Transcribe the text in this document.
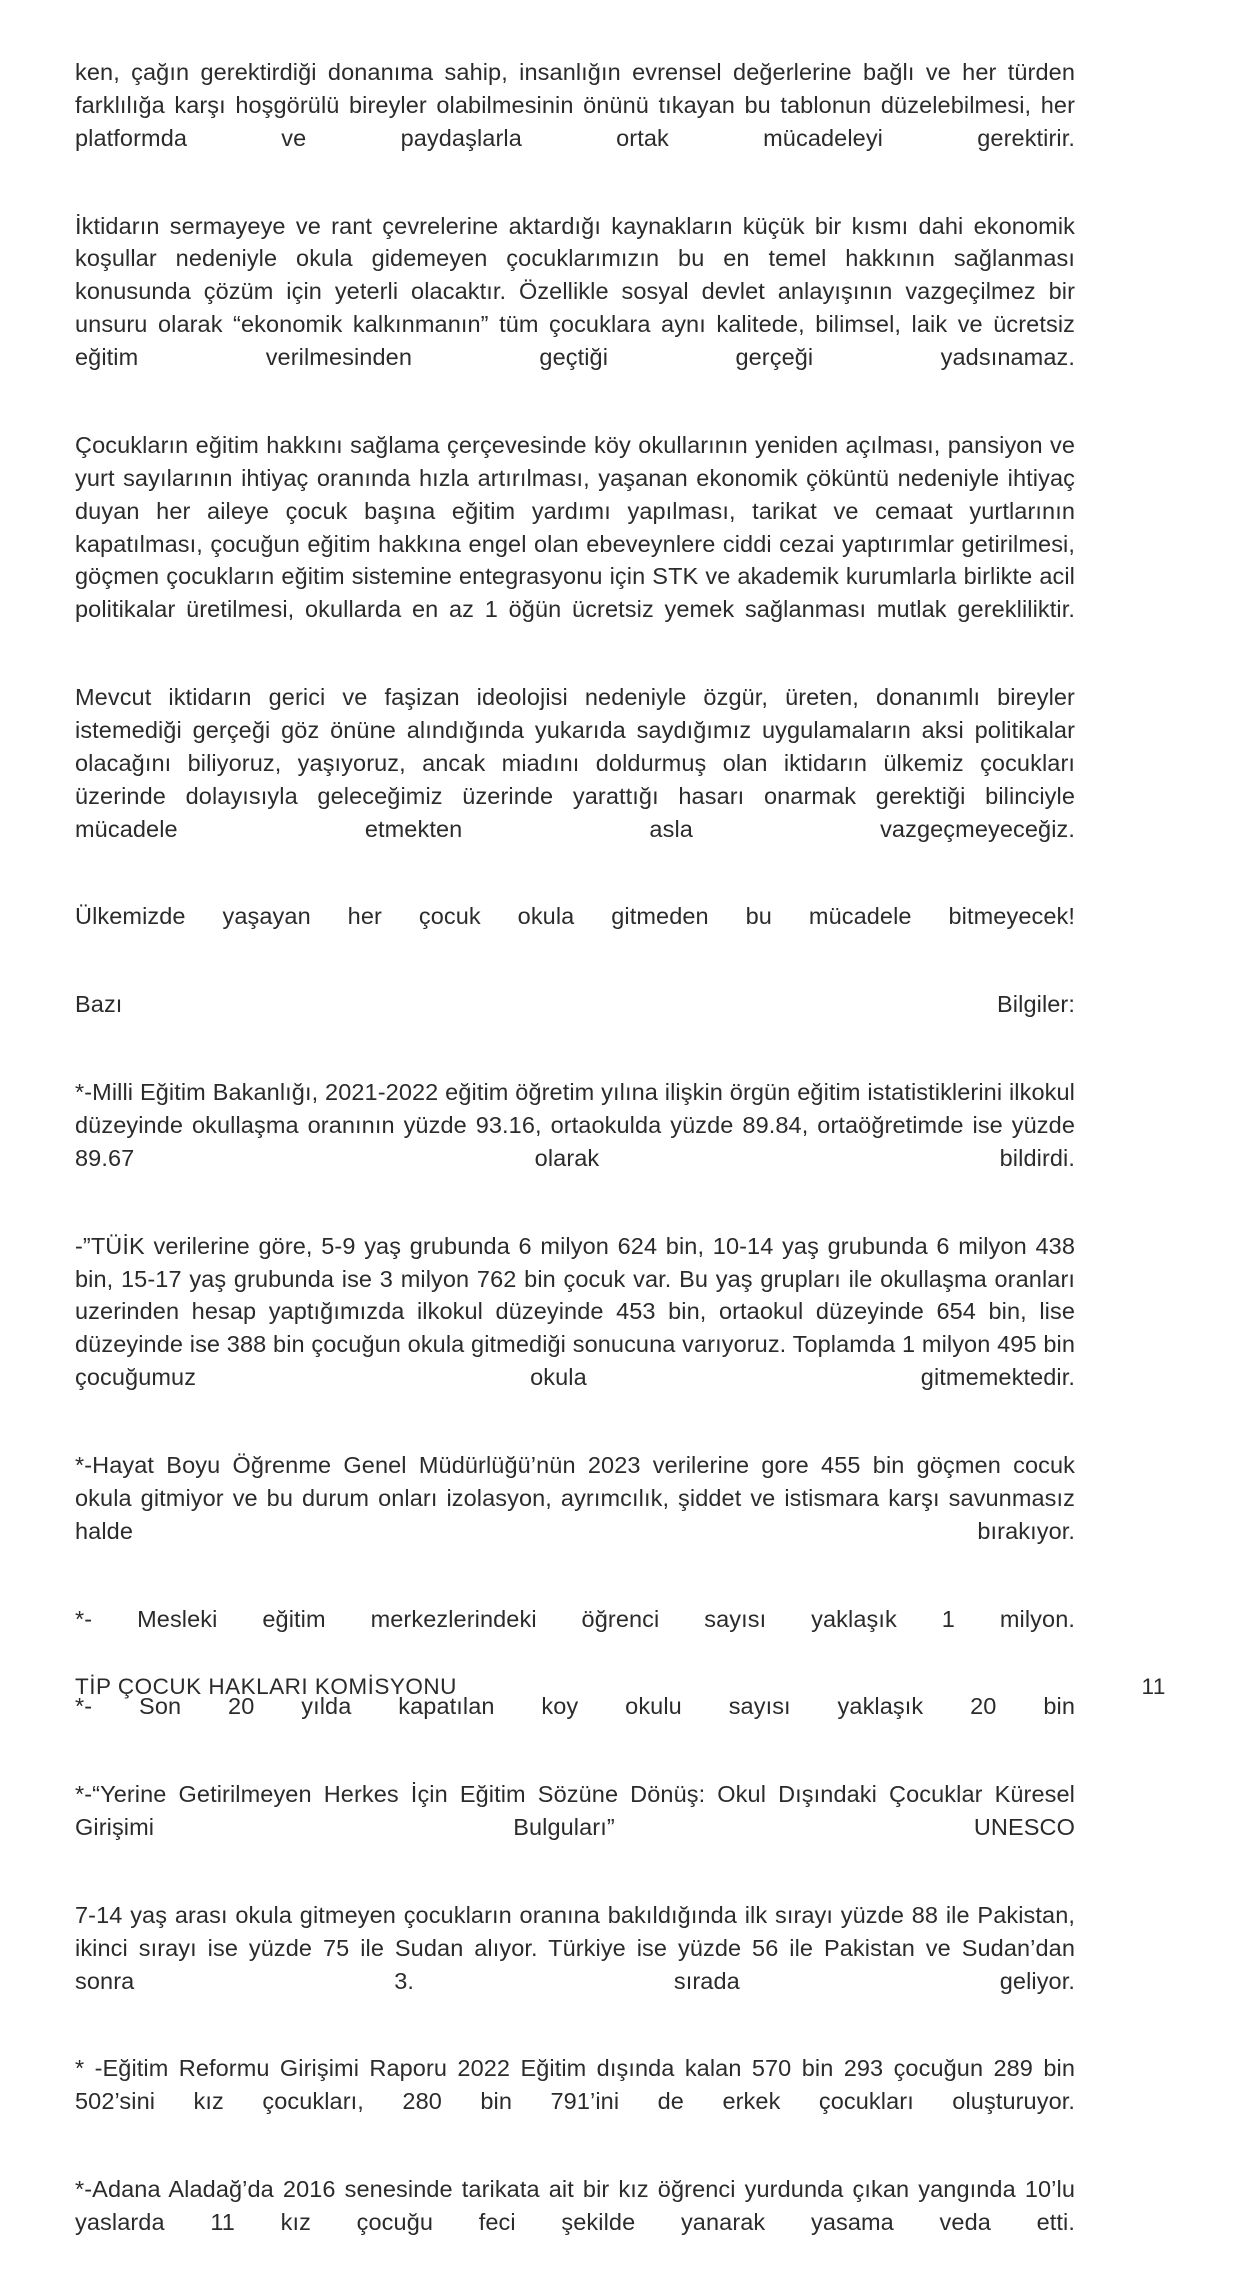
ken, çağın gerektirdiği donanıma sahip, insanlığın evrensel değerlerine bağlı ve her türden farklılığa karşı hoşgörülü bireyler olabilmesinin önünü tıkayan bu tablonun düzelebilmesi, her platformda ve paydaşlarla ortak mücadeleyi gerektirir.

İktidarın sermayeye ve rant çevrelerine aktardığı kaynakların küçük bir kısmı dahi ekonomik koşullar nedeniyle okula gidemeyen çocuklarımızın bu en temel hakkının sağlanması konusunda çözüm için yeterli olacaktır. Özellikle sosyal devlet anlayışının vazgeçilmez bir unsuru olarak “ekonomik kalkınmanın” tüm çocuklara aynı kalitede, bilimsel, laik ve ücretsiz eğitim verilmesinden geçtiği gerçeği yadsınamaz.

Çocukların eğitim hakkını sağlama çerçevesinde köy okullarının yeniden açılması, pansiyon ve yurt sayılarının ihtiyaç oranında hızla artırılması, yaşanan ekonomik çöküntü nedeniyle ihtiyaç duyan her aileye çocuk başına eğitim yardımı yapılması, tarikat ve cemaat yurtlarının kapatılması, çocuğun eğitim hakkına engel olan ebeveynlere ciddi cezai yaptırımlar getirilmesi, göçmen çocukların eğitim sistemine entegrasyonu için STK ve akademik kurumlarla birlikte acil politikalar üretilmesi, okullarda en az 1 öğün ücretsiz yemek sağlanması mutlak gerekliliktir.

Mevcut iktidarın gerici ve faşizan ideolojisi nedeniyle özgür, üreten, donanımlı bireyler istemediği gerçeği göz önüne alındığında yukarıda saydığımız uygulamaların aksi politikalar olacağını biliyoruz, yaşıyoruz, ancak miadını doldurmuş olan iktidarın ülkemiz çocukları üzerinde dolayısıyla geleceğimiz üzerinde yarattığı hasarı onarmak gerektiği bilinciyle mücadele etmekten asla vazgeçmeyeceğiz.

Ülkemizde yaşayan her çocuk okula gitmeden bu mücadele bitmeyecek!

Bazı Bilgiler:

*-Milli Eğitim Bakanlığı, 2021-2022 eğitim öğretim yılına ilişkin örgün eğitim istatistiklerini ilkokul düzeyinde okullaşma oranının yüzde 93.16, ortaokulda yüzde 89.84, ortaöğretimde ise yüzde 89.67 olarak bildirdi.

-”TÜİK verilerine göre, 5-9 yaş grubunda 6 milyon 624 bin, 10-14 yaş grubunda 6 milyon 438 bin, 15-17 yaş grubunda ise 3 milyon 762 bin çocuk var. Bu yaş grupları ile okullaşma oranları uzerinden hesap yaptığımızda ilkokul düzeyinde 453 bin, ortaokul düzeyinde 654 bin, lise düzeyinde ise 388 bin çocuğun okula gitmediği sonucuna varıyoruz. Toplamda 1 milyon 495 bin çocuğumuz okula gitmemektedir.

*-Hayat Boyu Öğrenme Genel Müdürlüğü’nün 2023 verilerine gore 455 bin göçmen cocuk okula gitmiyor ve bu durum onları izolasyon, ayrımcılık, şiddet ve istismara karşı savunmasız halde bırakıyor.

*- Mesleki eğitim merkezlerindeki öğrenci sayısı yaklaşık 1 milyon.

*- Son 20 yılda kapatılan koy okulu sayısı yaklaşık 20 bin

*-“Yerine Getirilmeyen Herkes İçin Eğitim Sözüne Dönüş: Okul Dışındaki Çocuklar Küresel Girişimi Bulguları” UNESCO

7-14 yaş arası okula gitmeyen çocukların oranına bakıldığında ilk sırayı yüzde 88 ile Pakistan, ikinci sırayı ise yüzde 75 ile Sudan alıyor. Türkiye ise yüzde 56 ile Pakistan ve Sudan’dan sonra 3. sırada geliyor.

* -Eğitim Reformu Girişimi Raporu 2022 Eğitim dışında kalan 570 bin 293 çocuğun 289 bin 502’sini kız çocukları, 280 bin 791’ini de erkek çocukları oluşturuyor.

*-Adana Aladağ’da 2016 senesinde tarikata ait bir kız öğrenci yurdunda çıkan yangında 10’lu yaslarda 11 kız çocuğu feci şekilde yanarak yasama veda etti.

TİP ÇOCUK HAKLARI KOMİSYONU	11
